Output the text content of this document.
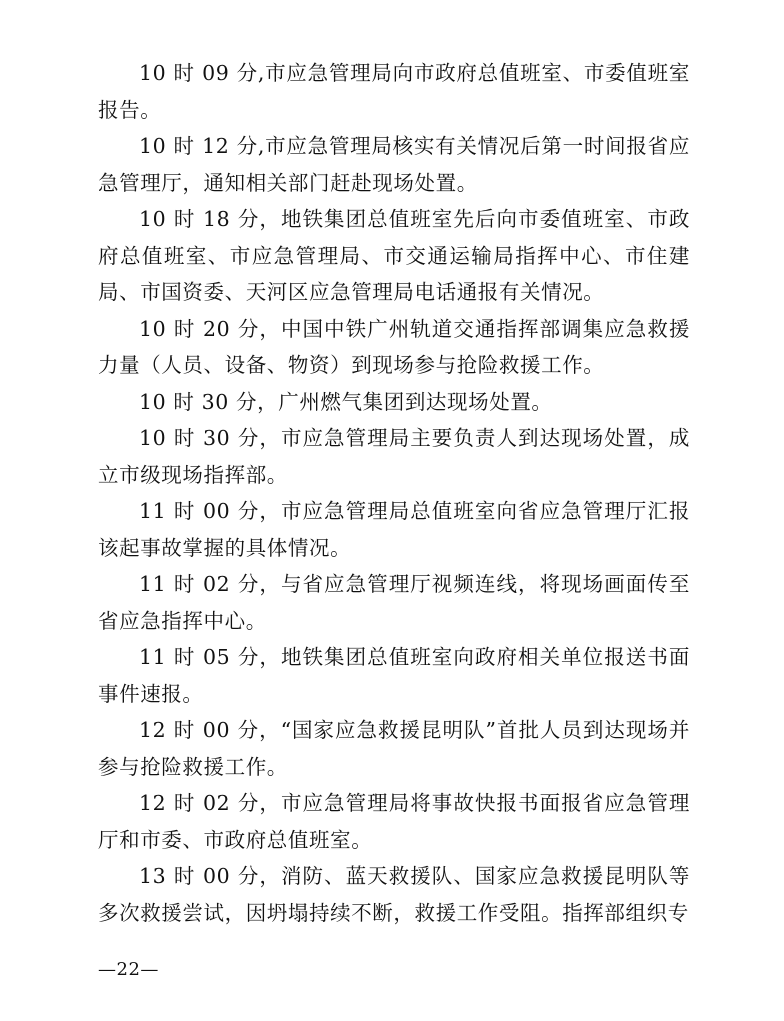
10 时 09 分,市应急管理局向市政府总值班室、市委值班室报告。

10 时 12 分,市应急管理局核实有关情况后第一时间报省应急管理厅，通知相关部门赶赴现场处置。

10 时 18 分，地铁集团总值班室先后向市委值班室、市政府总值班室、市应急管理局、市交通运输局指挥中心、市住建局、市国资委、天河区应急管理局电话通报有关情况。

10 时 20 分，中国中铁广州轨道交通指挥部调集应急救援力量（人员、设备、物资）到现场参与抢险救援工作。

10 时 30 分，广州燃气集团到达现场处置。

10 时 30 分，市应急管理局主要负责人到达现场处置，成立市级现场指挥部。

11 时 00 分，市应急管理局总值班室向省应急管理厅汇报该起事故掌握的具体情况。

11 时 02 分，与省应急管理厅视频连线，将现场画面传至省应急指挥中心。

11 时 05 分，地铁集团总值班室向政府相关单位报送书面事件速报。

12 时 00 分，“国家应急救援昆明队”首批人员到达现场并参与抢险救援工作。

12 时 02 分，市应急管理局将事故快报书面报省应急管理厅和市委、市政府总值班室。

13 时 00 分，消防、蓝天救援队、国家应急救援昆明队等多次救援尝试，因坍塌持续不断，救援工作受阻。指挥部组织专

—22—
